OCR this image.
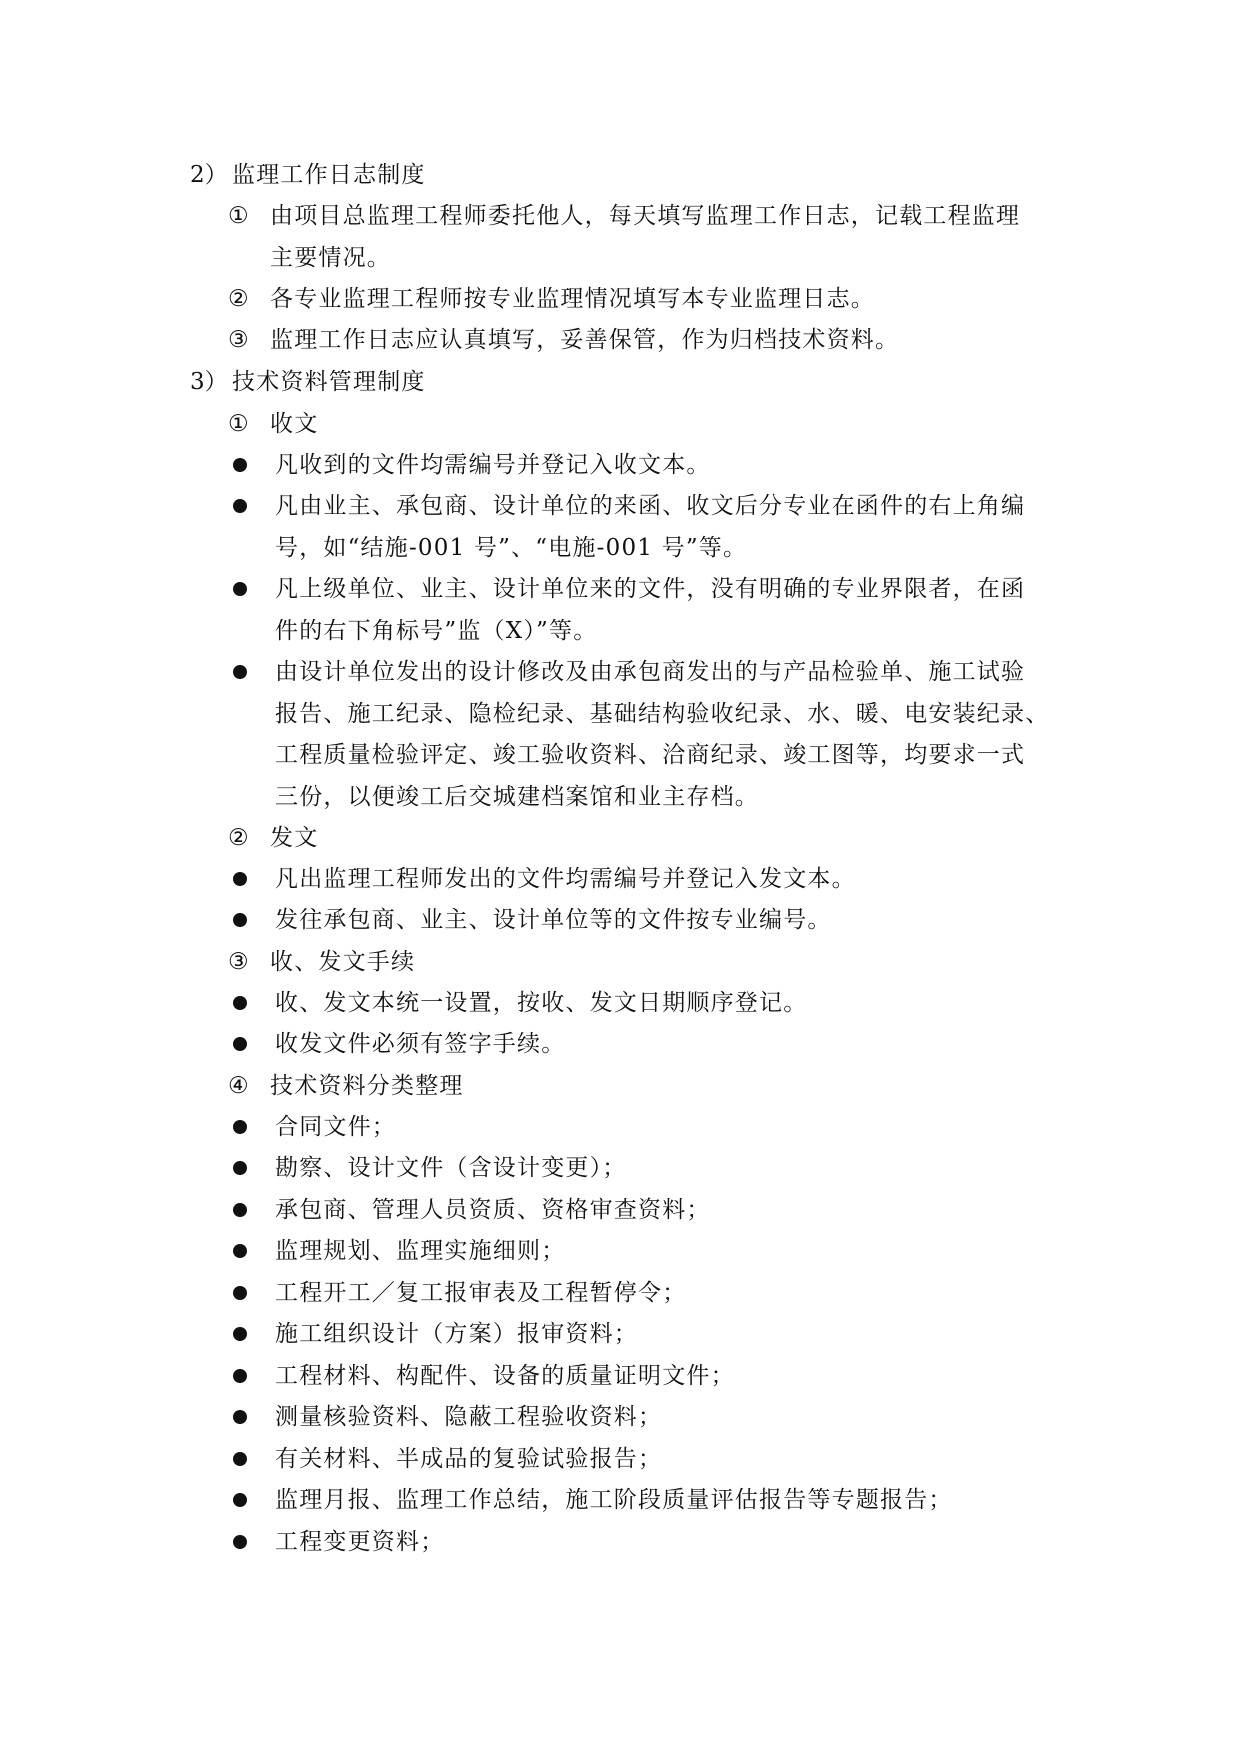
2） 监理工作日志制度
① 由项目总监理工程师委托他人，每天填写监理工作日志，记载工程监理
主要情况。
② 各专业监理工程师按专业监理情况填写本专业监理日志。
③ 监理工作日志应认真填写，妥善保管，作为归档技术资料。
3） 技术资料管理制度
① 收文
凡收到的文件均需编号并登记入收文本。
凡由业主、承包商、设计单位的来函、收文后分专业在函件的右上角编
号，如“结施-001 号”、“电施-001 号”等。
凡上级单位、业主、设计单位来的文件，没有明确的专业界限者，在函
件的右下角标号”监（X）”等。
由设计单位发出的设计修改及由承包商发出的与产品检验单、施工试验
报告、施工纪录、隐检纪录、基础结构验收纪录、水、暖、电安装纪录、
工程质量检验评定、竣工验收资料、洽商纪录、竣工图等，均要求一式
三份，以便竣工后交城建档案馆和业主存档。
② 发文
凡出监理工程师发出的文件均需编号并登记入发文本。
发往承包商、业主、设计单位等的文件按专业编号。
③ 收、发文手续
收、发文本统一设置，按收、发文日期顺序登记。
收发文件必须有签字手续。
④ 技术资料分类整理
合同文件；
勘察、设计文件（含设计变更）；
承包商、管理人员资质、资格审查资料；
监理规划、监理实施细则；
工程开工／复工报审表及工程暂停令；
施工组织设计（方案）报审资料；
工程材料、构配件、设备的质量证明文件；
测量核验资料、隐蔽工程验收资料；
有关材料、半成品的复验试验报告；
监理月报、监理工作总结，施工阶段质量评估报告等专题报告；
工程变更资料；
